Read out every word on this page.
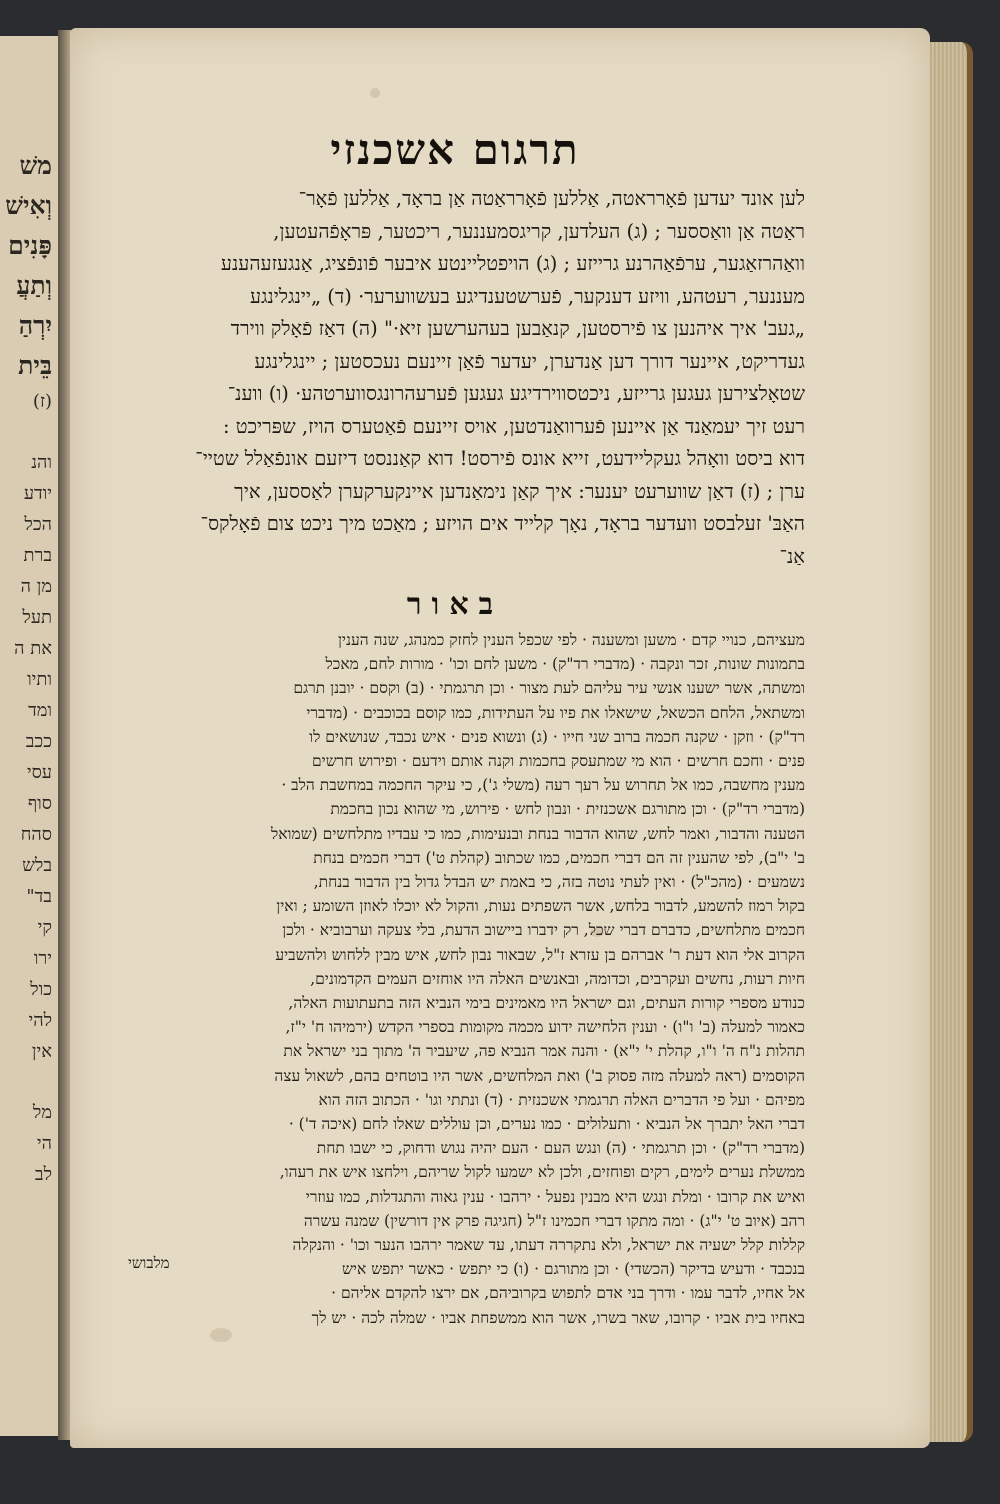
משׁ
וְאִישׁ
פָּנִים
וְתַעֲ
יִרְהַ
בֵּית
(ז)
והנ
יודע
הכל
ברת
מן ה
תעל
את ה
ותיו
ומד
ככב
עסי
סוף
סהח
בלש
בד"
קי
ירו
כול
להי
אין
מל
הי
לב
תרגום אשכנזי
לען אונד יעדען פֿאָררא‍טה, אַללען פֿאָרראַטה אַן בראָד, אַללען פֿאָר־
ראַטה אַן וואַססער ; (ג) העלדען, קריגסמעננער, ריכטער, פּראָפֿהעטען,
וואַהרזאַגער, ערפֿאַהרנע גרייזע ; (ג) הויפטליינטע איבער פֿונפֿציג, אַנגעזעהענע
מעננער, רעטהע, וויזע דענקער, פֿערשטענדיגע בעשווערער· (ד) „יינגלינגע
„געב' איך איהנען צו פֿירסטען, קנאַבען בעהערשען זיא·" (ה) דאַז פֿאָלק ווירד
געדריקט, איינער דורך דען אַנדערן, יעדער פֿאַן זיינעם נעכסטען ; יינגלינגע
שטאָלצירען געגען גרייזע, ניכטסווירדיגע געגען פֿערעהרונגסווערטהע· (ו) ווענ־
רעט זיך יעמאַנד אַן איינען פֿערוואַנדטען, אויס זיינעם פֿאַטערס הויז, שפּריכט :
דוא ביסט וואָהל געקליידעט, זייא אונס פֿירסט! דוא קאַננסט דיזעם אונפֿאַלל שטיי־
ערן ; (ז) דאַן שווערעט יענער: איך קאַן נימאַנדען איינקערקערן לאַססען, איך
האַבּ' זעלבסט וועדער בראָד, נאָך קלייד אים הויזע ; מאַכט מיך ניכט צום פֿאָלקס־
אַנ־
באור
מעציהם, כנויי קדם · משען ומשענה · לפי שכפל הענין לחזק כמנהג, שנה הענין
בתמונות שונות, זכר ונקבה · (מדברי רד"ק) · משען לחם וכו' · מורות לחם, מאכל
ומשתה, אשר ישענו אנשי עיר עליהם לעת מצור · וכן תרגמתי · (ב) וקסם · יובנן תרגם
ומשתאל, הלחם הכשאל, שישאלו את פיו על העתידות, כמו קוסם בכוכבים · (מדברי
רד"ק) · וזקן · שקנה חכמה ברוב שני חייו · (ג) ונשוא פנים · איש נכבד, שנושאים לו
פנים · וחכם חרשים · הוא מי שמתעסק בחכמות וקנה אותם וידעם · ופירוש חרשים
מענין מחשבה, כמו אל תחרוש על רעך רעה (משלי ג'), כי עיקר החכמה במחשבת הלב ·
(מדברי רד"ק) · וכן מתורגם אשכנזית · ונבון לחש · פירוש, מי שהוא נכון בחכמת
הטענה והדבור, ואמר לחש, שהוא הדבור בנחת ובנעימות, כמו כי עבדיו מתלחשים (שמואל
ב' י"ב), לפי שהענין זה הם דברי חכמים, כמו שכתוב (קהלת ט') דברי חכמים בנחת
נשמעים · (מהכ"ל) · ואין לעתי נוטה בזה, כי באמת יש הבדל גדול בין הדבור בנחת,
בקול רמוז להשמע, לדבור בלחש, אשר השפתים נעות, והקול לא יוכלו לאוזן השומע ; ואין
חכמים מתלחשים, כדברם דברי שכל, רק ידברו ביישוב הדעת, בלי צעקה וערבוביא · ולכן
הקרוב אלי הוא דעת ר' אברהם בן עזרא ז"ל, שבאור נבון לחש, איש מבין ללחוש ולהשביע
חיות רעות, נחשים ועקרבים, וכדומה, ובאנשים האלה היו אוחזים העמים הקדמונים,
כנודע מספרי קורות העתים, וגם ישראל היו מאמינים בימי הנביא הזה בתעתועות האלה,
כאמור למעלה (ב' ו"ו) · וענין הלחישה ידוע מכמה מקומות בספרי הקדש (ירמיהו ח' י"ז,
תהלות נ"ח ה' ו"ו, קהלת י' י"א) · והנה אמר הנביא פה, שיעביר ה' מתוך בני ישראל את
הקוסמים (ראה למעלה מזה פסוק ב') ואת המלחשים, אשר היו בוטחים בהם, לשאול עצה
מפיהם · ועל פי הדברים האלה תרגמתי אשכנזית · (ד) ונתתי וגו' · הכתוב הזה הוא
דברי האל יתברך אל הנביא · ותעלולים · כמו נערים, וכן עוללים שאלו לחם (איכה ד') ·
(מדברי רד"ק) · וכן תרגמתי · (ה) ונגש העם · העם יהיה נגוש ודחוק, כי ישבו תחת
ממשלת נערים לימים, רקים ופוחזים, ולכן לא ישמעו לקול שריהם, וילחצו איש את רעהו,
ואיש את קרובו · ומלת ונגש היא מבנין נפעל · ירהבו · ענין גאוה והתגדלות, כמו עוזרי
רהב (איוב ט' י"ג) · ומה מתקו דברי חכמינו ז"ל (חגיגה פרק אין דורשין) שמנה עשרה
קללות קלל ישעיה את ישראל, ולא נתקררה דעתו, עד שאמר ירהבו הנער וכו' · והנקלה
בנכבד · ודעיש בדיקר (הכשדי) · וכן מתורגם · (ו) כי יתפש · כאשר יתפש איש
אל אחיו, לדבר עמו · ודרך בני אדם לתפוש בקרוביהם, אם ירצו להקדם אליהם ·
באחיו בית אביו · קרובו, שאר בשרו, אשר הוא ממשפחת אביו · שמלה לכה · יש לך
מלבושי
